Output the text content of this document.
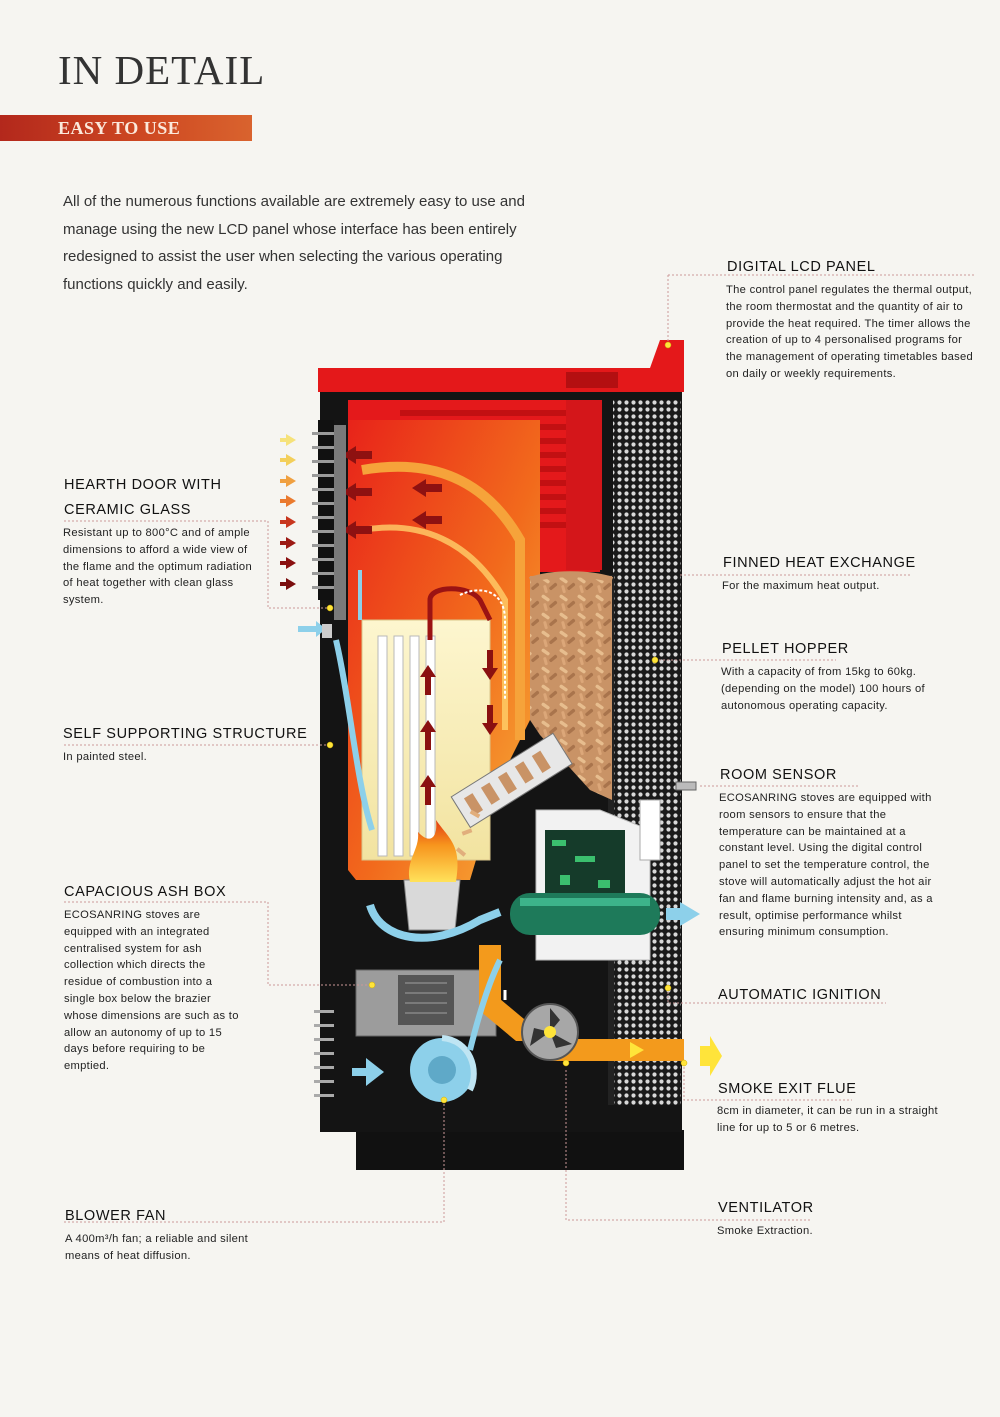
IN DETAIL
EASY TO USE
All of the numerous functions available are extremely easy to use and manage using the new LCD panel whose interface has been entirely redesigned to assist the user when selecting the various operating functions quickly and easily.
DIGITAL LCD PANEL
The control panel regulates the thermal output, the room thermostat and the quantity of air to provide the heat required. The timer allows the creation of up to 4 personalised programs for the management of operating timetables based on daily or weekly requirements.
HEARTH DOOR WITH
CERAMIC GLASS
Resistant up to 800°C and of ample dimensions to afford a wide view of the flame and the optimum radiation of heat together with clean glass system.
FINNED HEAT EXCHANGE
For the maximum heat output.
PELLET HOPPER
With a capacity of from 15kg to 60kg. (depending on the model) 100 hours of autonomous operating capacity.
SELF SUPPORTING STRUCTURE
In painted steel.
ROOM SENSOR
ECOSANRING stoves are equipped with room sensors to ensure that the temperature can be maintained at a constant level. Using the digital control panel to set the temperature control, the stove will automatically adjust the hot air fan and flame burning intensity and, as a result, optimise performance whilst ensuring minimum consumption.
CAPACIOUS ASH BOX
ECOSANRING stoves are equipped with an integrated centralised system for ash collection which directs the residue of combustion into a single box below the brazier whose dimensions are such as to allow an autonomy of up to 15 days before requiring to be emptied.
AUTOMATIC IGNITION
SMOKE EXIT FLUE
8cm in diameter, it can be run in a straight line for up to 5 or 6 metres.
VENTILATOR
Smoke Extraction.
BLOWER FAN
A 400m³/h fan; a reliable and silent means of heat diffusion.
